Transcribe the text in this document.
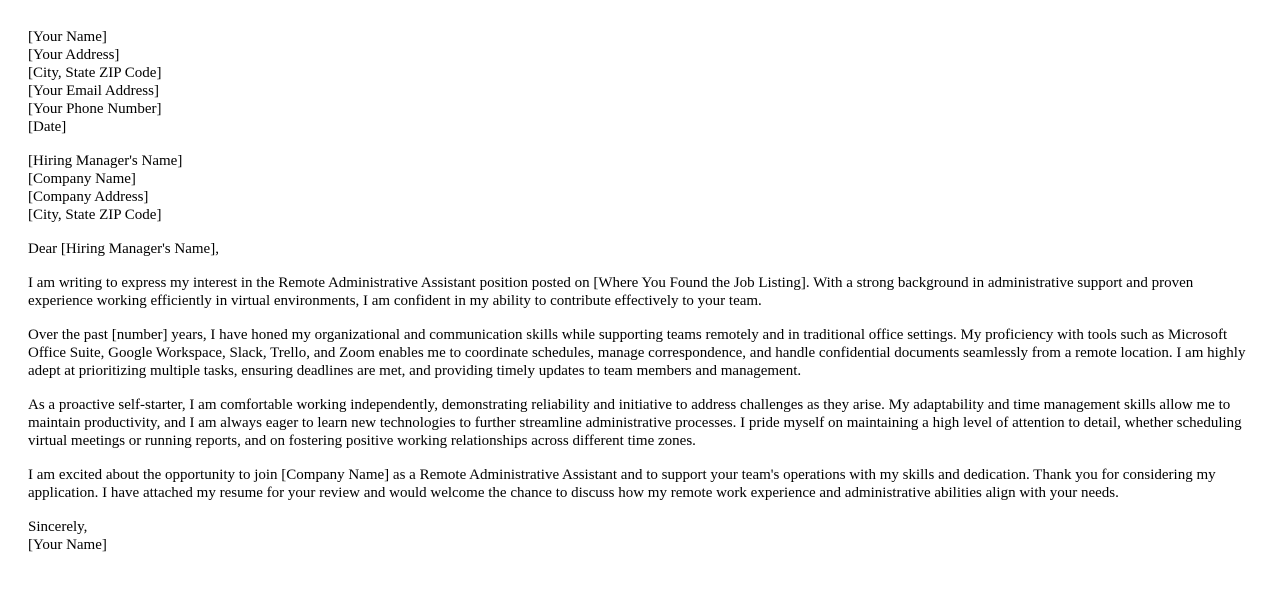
[Your Name]
[Your Address]
[City, State ZIP Code]
[Your Email Address]
[Your Phone Number]
[Date]
[Hiring Manager's Name]
[Company Name]
[Company Address]
[City, State ZIP Code]
Dear [Hiring Manager's Name],

I am writing to express my interest in the Remote Administrative Assistant position posted on [Where You Found the Job Listing]. With a strong background in administrative support and proven experience working efficiently in virtual environments, I am confident in my ability to contribute effectively to your team.

Over the past [number] years, I have honed my organizational and communication skills while supporting teams remotely and in traditional office settings. My proficiency with tools such as Microsoft Office Suite, Google Workspace, Slack, Trello, and Zoom enables me to coordinate schedules, manage correspondence, and handle confidential documents seamlessly from a remote location. I am highly adept at prioritizing multiple tasks, ensuring deadlines are met, and providing timely updates to team members and management.

As a proactive self-starter, I am comfortable working independently, demonstrating reliability and initiative to address challenges as they arise. My adaptability and time management skills allow me to maintain productivity, and I am always eager to learn new technologies to further streamline administrative processes. I pride myself on maintaining a high level of attention to detail, whether scheduling virtual meetings or running reports, and on fostering positive working relationships across different time zones.

I am excited about the opportunity to join [Company Name] as a Remote Administrative Assistant and to support your team's operations with my skills and dedication. Thank you for considering my application. I have attached my resume for your review and would welcome the chance to discuss how my remote work experience and administrative abilities align with your needs.

Sincerely,
[Your Name]
